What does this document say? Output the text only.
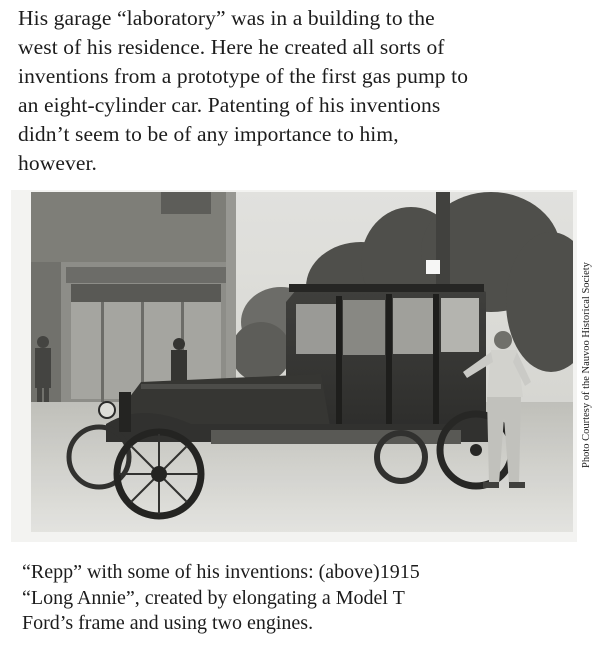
His garage “laboratory” was in a building to the
west of his residence. Here he created all sorts of
inventions from a prototype of the first gas pump to
an eight-cylinder car. Patenting of his inventions
didn’t seem to be of any importance to him,
however.
Photo Courtesy of the Nauvoo Historical Society
“Repp” with some of his inventions: (above)1915
“Long Annie”, created by elongating a Model T
Ford’s frame and using two engines.
